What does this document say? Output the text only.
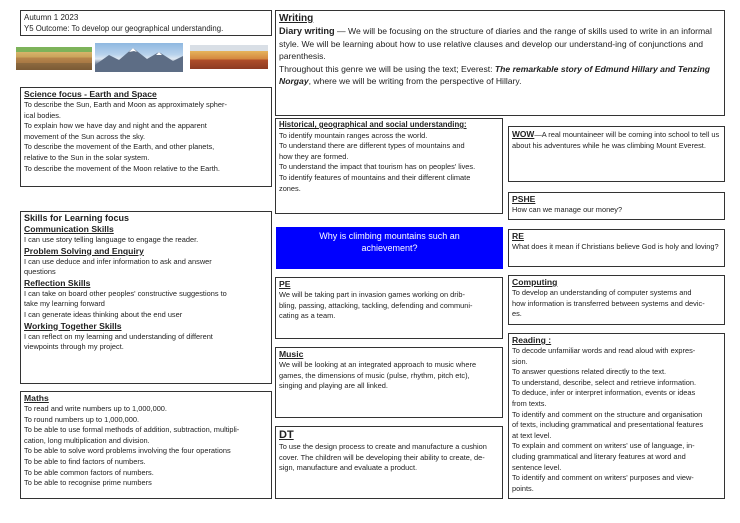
Autumn 1 2023
Y5 Outcome: To develop our geographical understanding.
Science focus - Earth and Space
To describe the Sun, Earth and Moon as approximately spher-
ical bodies.
To explain how we have day and night and the apparent
movement of the Sun across the sky.
To describe the movement of the Earth, and other planets,
relative to the Sun in the solar system.
To describe the movement of the Moon relative to the Earth.
Skills for Learning focus
Communication Skills
I can use story telling language to engage the reader.
Problem Solving and Enquiry
I can use deduce and infer information to ask and answer
questions
Reflection Skills
I can take on board other peoples' constructive suggestions to
take my learning forward
I can generate ideas thinking about the end user
Working Together Skills
I can reflect on my learning and understanding of different
viewpoints through my project.
Maths
To read and write numbers up to 1,000,000.
To round numbers up to 1,000,000.
To be able to use formal methods of addition, subtraction, multipli-
cation, long multiplication and division.
To be able to solve word problems involving the four operations
To be able to find factors of numbers.
To be able common factors of numbers.
To be able to recognise prime numbers
Writing

Diary writing — We will be focusing on the structure of diaries and the range of skills used to write in an informal style. We will be learning about how to use relative clauses and develop our understand-ing of conjunctions and parenthesis.

Throughout this genre we will be using the text; Everest: The remarkable story of Edmund Hillary and Tenzing Norgay, where we will be writing from the perspective of Hillary.

Historical, geographical and social understanding:
To identify mountain ranges across the world.
To understand there are different types of mountains and
how they are formed.
To understand the impact that tourism has on peoples' lives.
To identify features of mountains and their different climate
zones.

WOW—A real mountaineer will be coming into school to tell us about his adventures while he was climbing Mount Everest.

PSHE
How can we manage our money?
Why is climbing mountains such an achievement?
RE
What does it mean if Christians believe God is holy and loving?
PE
We will be taking part in invasion games working on drib-
bling, passing, attacking, tackling, defending and communi-
cating as a team.
Computing
To develop an understanding of computer systems and
how information is transferred between systems and devic-
es.
Music
We will be looking at an integrated approach to music where
games, the dimensions of music (pulse, rhythm, pitch etc),
singing and playing are all linked.
Reading :
To decode unfamiliar words and read aloud with expres-
sion.
To answer questions related directly to the text.
To understand, describe, select and retrieve information.
To deduce, infer or interpret information, events or ideas
from texts.
To identify and comment on the structure and organisation
of texts, including grammatical and presentational features
at text level.
To explain and comment on writers' use of language, in-
cluding grammatical and literary features at word and
sentence level.
To identify and comment on writers' purposes and view-
points.
DT
To use the design process to create and manufacture a cushion
cover. The children will be developing their ability to create, de-
sign, manufacture and evaluate a product.
